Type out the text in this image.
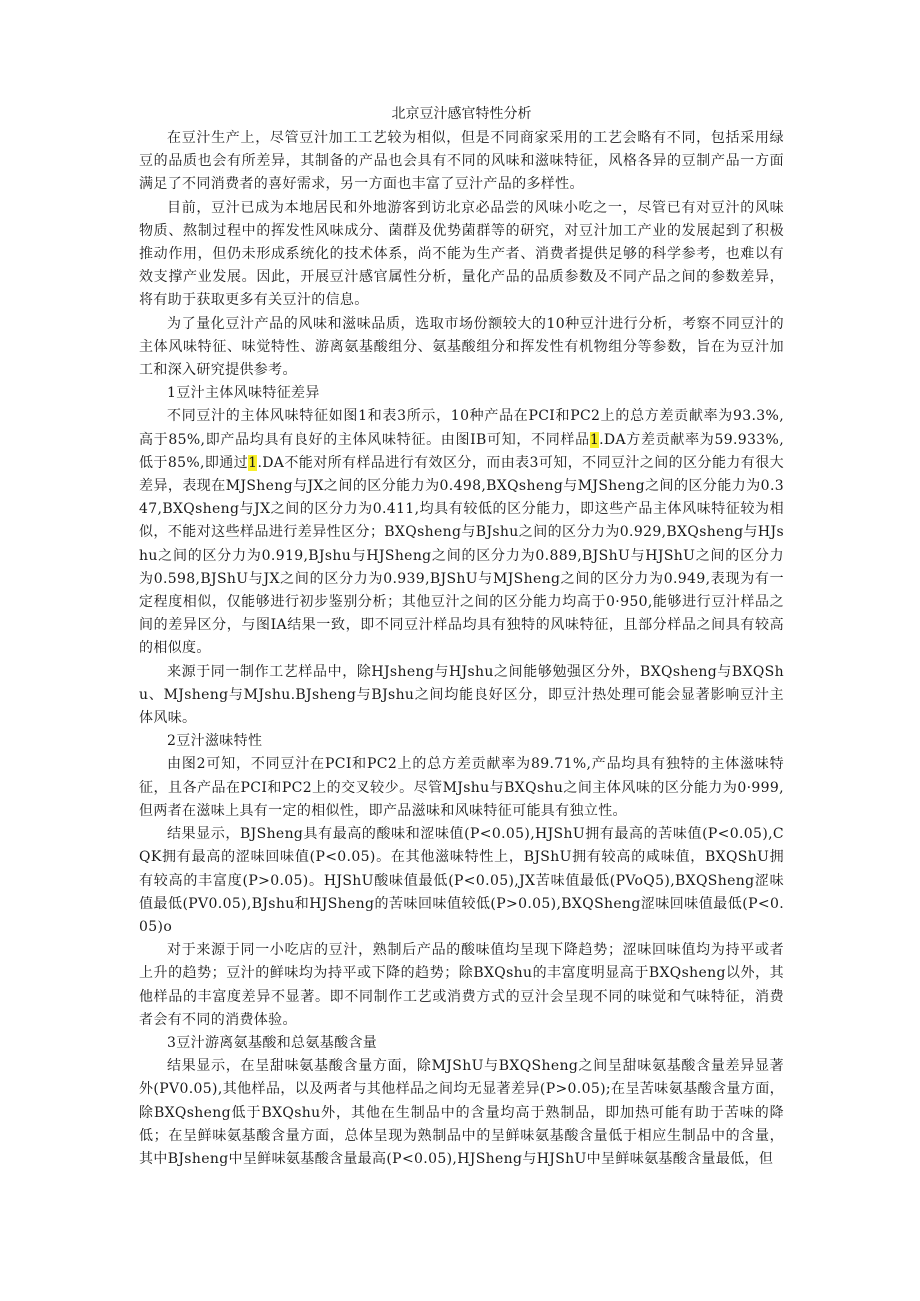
北京豆汁感官特性分析

在豆汁生产上，尽管豆汁加工工艺较为相似，但是不同商家采用的工艺会略有不同，包括采用绿豆的品质也会有所差异，其制备的产品也会具有不同的风味和滋味特征，风格各异的豆制产品一方面满足了不同消费者的喜好需求，另一方面也丰富了豆汁产品的多样性。

目前，豆汁已成为本地居民和外地游客到访北京必品尝的风味小吃之一，尽管已有对豆汁的风味物质、熬制过程中的挥发性风味成分、菌群及优势菌群等的研究，对豆汁加工产业的发展起到了积极推动作用，但仍未形成系统化的技术体系，尚不能为生产者、消费者提供足够的科学参考，也难以有效支撑产业发展。因此，开展豆汁感官属性分析，量化产品的品质参数及不同产品之间的参数差异，将有助于获取更多有关豆汁的信息。

为了量化豆汁产品的风味和滋味品质，选取市场份额较大的10种豆汁进行分析，考察不同豆汁的主体风味特征、味觉特性、游离氨基酸组分、氨基酸组分和挥发性有机物组分等参数，旨在为豆汁加工和深入研究提供参考。

1豆汁主体风味特征差异

不同豆汁的主体风味特征如图1和表3所示，10种产品在PCI和PC2上的总方差贡献率为93.3%,高于85%,即产品均具有良好的主体风味特征。由图IB可知，不同样品1.DA方差贡献率为59.933%,低于85%,即通过1.DA不能对所有样品进行有效区分，而由表3可知，不同豆汁之间的区分能力有很大差异，表现在MJSheng与JX之间的区分能力为0.498,BXQsheng与MJSheng之间的区分能力为0.347,BXQsheng与JX之间的区分力为0.411,均具有较低的区分能力，即这些产品主体风味特征较为相似，不能对这些样品进行差异性区分；BXQsheng与BJshu之间的区分力为0.929,BXQsheng与HJshu之间的区分力为0.919,BJshu与HJSheng之间的区分力为0.889,BJShU与HJShU之间的区分力为0.598,BJShU与JX之间的区分力为0.939,BJShU与MJSheng之间的区分力为0.949,表现为有一定程度相似，仅能够进行初步鉴别分析；其他豆汁之间的区分能力均高于0·950,能够进行豆汁样品之间的差异区分，与图IA结果一致，即不同豆汁样品均具有独特的风味特征，且部分样品之间具有较高的相似度。

来源于同一制作工艺样品中，除HJsheng与HJshu之间能够勉强区分外，BXQsheng与BXQShu、MJsheng与MJshu.BJsheng与BJshu之间均能良好区分，即豆汁热处理可能会显著影响豆汁主体风味。

2豆汁滋味特性

由图2可知，不同豆汁在PCI和PC2上的总方差贡献率为89.71%,产品均具有独特的主体滋味特征，且各产品在PCI和PC2上的交叉较少。尽管MJshu与BXQshu之间主体风味的区分能力为0·999,但两者在滋味上具有一定的相似性，即产品滋味和风味特征可能具有独立性。

结果显示，BJSheng具有最高的酸味和涩味值(P<0.05),HJShU拥有最高的苦味值(P<0.05),CQK拥有最高的涩味回味值(P<0.05)。在其他滋味特性上，BJShU拥有较高的咸味值，BXQShU拥有较高的丰富度(P>0.05)。HJShU酸味值最低(P<0.05),JX苦味值最低(PVoQ5),BXQSheng涩味值最低(PV0.05),BJshu和HJSheng的苦味回味值较低(P>0.05),BXQSheng涩味回味值最低(P<0.05)o

对于来源于同一小吃店的豆汁，熟制后产品的酸味值均呈现下降趋势；涩味回味值均为持平或者上升的趋势；豆汁的鲜味均为持平或下降的趋势；除BXQshu的丰富度明显高于BXQsheng以外，其他样品的丰富度差异不显著。即不同制作工艺或消费方式的豆汁会呈现不同的味觉和气味特征，消费者会有不同的消费体验。

3豆汁游离氨基酸和总氨基酸含量

结果显示，在呈甜味氨基酸含量方面，除MJShU与BXQSheng之间呈甜味氨基酸含量差异显著外(PV0.05),其他样品，以及两者与其他样品之间均无显著差异(P>0.05);在呈苦味氨基酸含量方面，除BXQsheng低于BXQshu外，其他在生制品中的含量均高于熟制品，即加热可能有助于苦味的降低；在呈鲜味氨基酸含量方面，总体呈现为熟制品中的呈鲜味氨基酸含量低于相应生制品中的含量，其中BJsheng中呈鲜味氨基酸含量最高(P<0.05),HJSheng与HJShU中呈鲜味氨基酸含量最低，但
